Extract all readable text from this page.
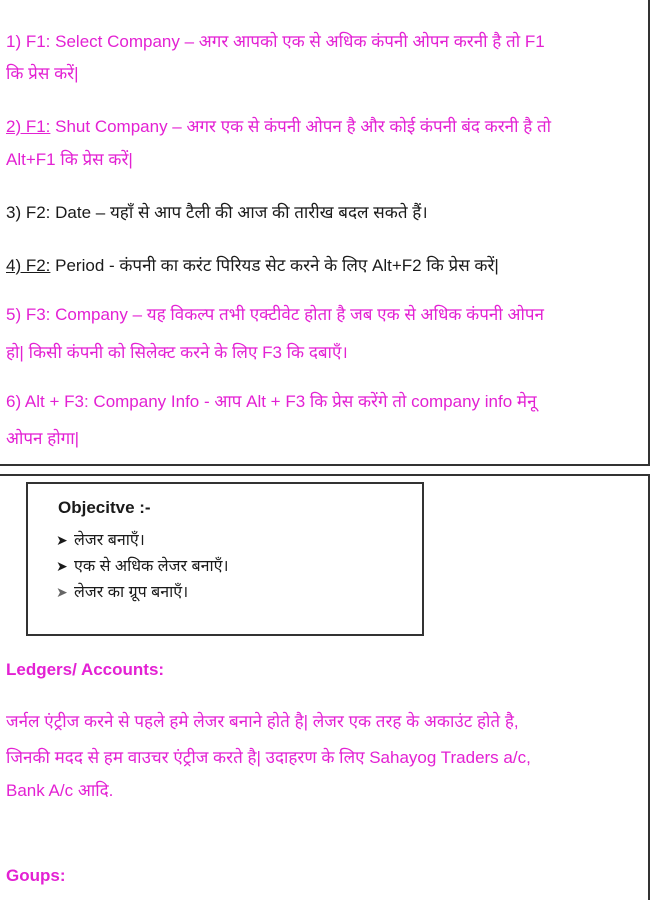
1) F1: Select Company – अगर आपको एक से अधिक कंपनी ओपन करनी है तो F1
कि प्रेस करें|
2) F1: Shut Company – अगर एक से कंपनी ओपन है और कोई कंपनी बंद करनी है तो
Alt+F1 कि प्रेस करें|
3) F2: Date – यहाँ से आप टैली की आज की तारीख बदल सकते हैं।
4) F2: Period - कंपनी का करंट पिरियड सेट करने के लिए Alt+F2 कि प्रेस करें|
5) F3: Company – यह विकल्प तभी एक्टीवेट होता है जब एक से अधिक कंपनी ओपन
हो| किसी कंपनी को सिलेक्ट करने के लिए F3 कि दबाएँ।
6) Alt + F3: Company Info - आप Alt + F3 कि प्रेस करेंगे तो company info मेनू
ओपन होगा|
Objecitve :-
➤ लेजर बनाएँ।
➤ एक से अधिक लेजर बनाएँ।
➤ लेजर का ग्रूप बनाएँ।
Ledgers/ Accounts:
जर्नल एंट्रीज करने से पहले हमे लेजर बनाने होते है| लेजर एक तरह के अकाउंट होते है,
जिनकी मदद से हम वाउचर एंट्रीज करते है| उदाहरण के लिए Sahayog Traders a/c,
Bank A/c आदि.
Goups:
